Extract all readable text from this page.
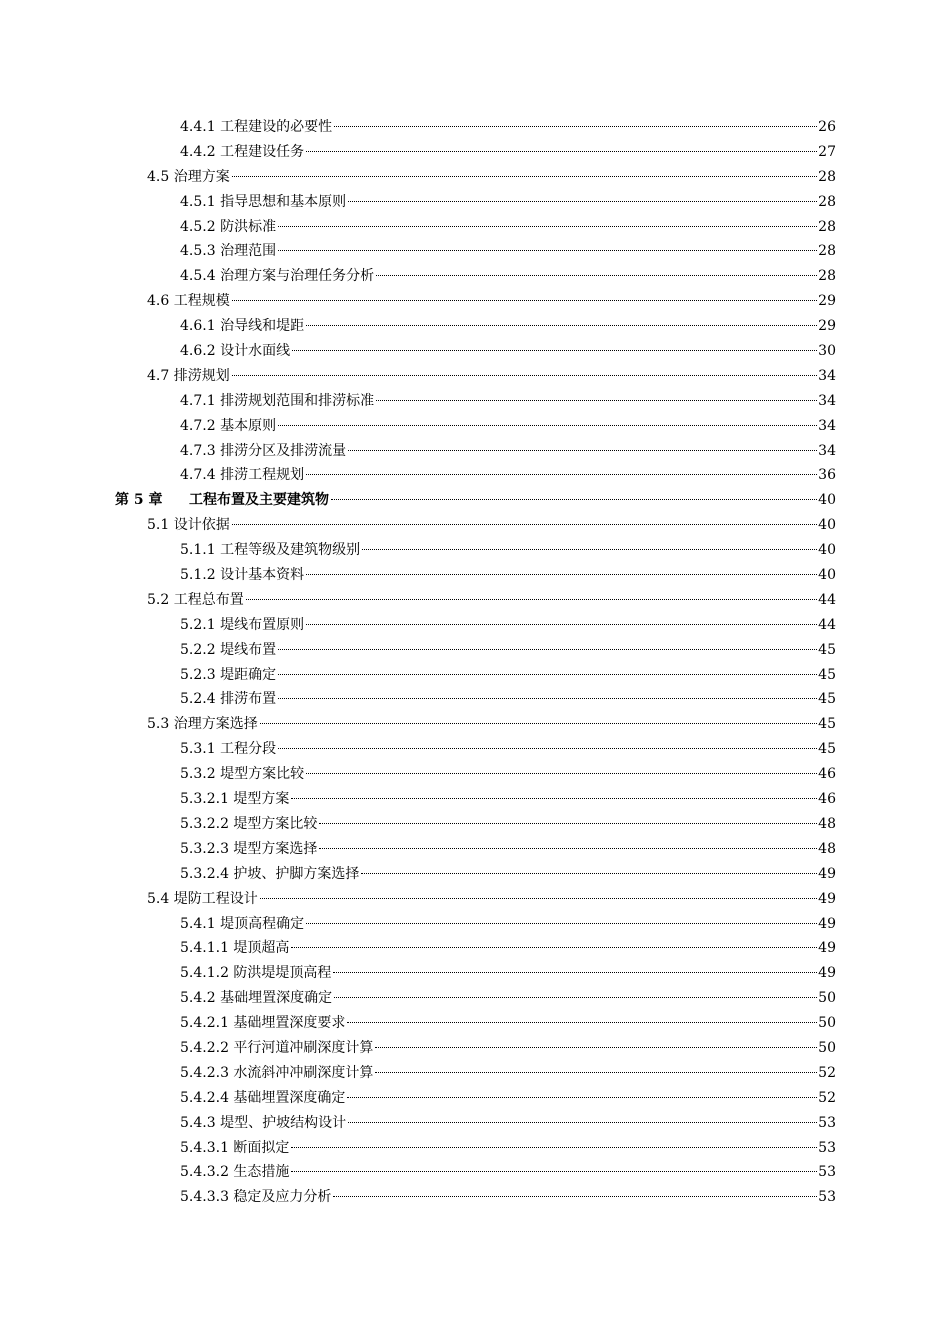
4.4.1 工程建设的必要性	26
4.4.2 工程建设任务	27
4.5 治理方案	28
4.5.1 指导思想和基本原则	28
4.5.2 防洪标准	28
4.5.3 治理范围	28
4.5.4 治理方案与治理任务分析	28
4.6 工程规模	29
4.6.1 治导线和堤距	29
4.6.2 设计水面线	30
4.7 排涝规划	34
4.7.1 排涝规划范围和排涝标准	34
4.7.2 基本原则	34
4.7.3 排涝分区及排涝流量	34
4.7.4 排涝工程规划	36
第 5 章 工程布置及主要建筑物	40
5.1 设计依据	40
5.1.1 工程等级及建筑物级别	40
5.1.2 设计基本资料	40
5.2 工程总布置	44
5.2.1 堤线布置原则	44
5.2.2 堤线布置	45
5.2.3 堤距确定	45
5.2.4 排涝布置	45
5.3 治理方案选择	45
5.3.1 工程分段	45
5.3.2 堤型方案比较	46
5.3.2.1 堤型方案	46
5.3.2.2 堤型方案比较	48
5.3.2.3 堤型方案选择	48
5.3.2.4 护坡、护脚方案选择	49
5.4 堤防工程设计	49
5.4.1 堤顶高程确定	49
5.4.1.1 堤顶超高	49
5.4.1.2 防洪堤堤顶高程	49
5.4.2 基础埋置深度确定	50
5.4.2.1 基础埋置深度要求	50
5.4.2.2 平行河道冲刷深度计算	50
5.4.2.3 水流斜冲冲刷深度计算	52
5.4.2.4 基础埋置深度确定	52
5.4.3 堤型、护坡结构设计	53
5.4.3.1 断面拟定	53
5.4.3.2 生态措施	53
5.4.3.3 稳定及应力分析	53
